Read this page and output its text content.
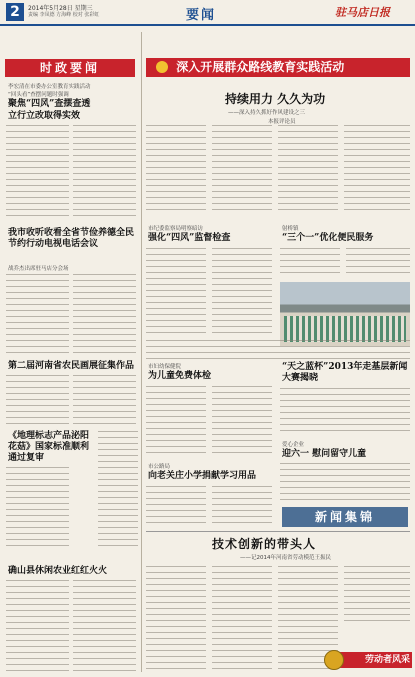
2	2014年5月28日 星期三
责编 李凤德 方海峰 校对 张彩虹	要闻	驻马店日报
时政要闻
李宏清在市委办公室教育实践活动
“回头看”查摆问题时强调
聚焦“四风”查摆查透
立行立改取得实效
我市收听收看全省节俭养德全民节约行动电视电话会议
战乔杰出席驻马店分会场
第二届河南省农民画展征集作品
《地理标志产品泌阳花菇》国家标准顺利通过复审
确山县休闲农业红红火火
深入开展群众路线教育实践活动
持续用力 久久为功
——深入持久抓好作风建设之三
本报评论员
市纪委监察局明察暗访
强化“四风”监督检查
射桥镇
“三个一”优化便民服务
市妇幼保健院
为儿童免费体检
市公路局
向老关庄小学捐献学习用品
“天之蓝杯”2013年走基层新闻大赛揭晓
爱心企业
迎六一 慰问留守儿童
新闻集锦
技术创新的带头人
——记2014年河南省劳动模范王振民
劳动者风采
